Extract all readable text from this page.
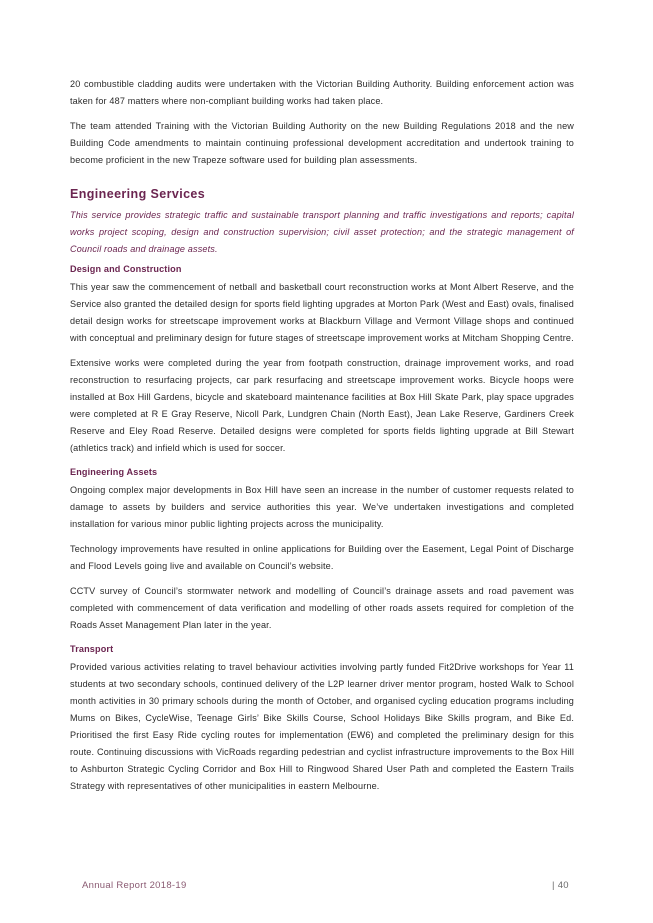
20 combustible cladding audits were undertaken with the Victorian Building Authority. Building enforcement action was taken for 487 matters where non-compliant building works had taken place.

The team attended Training with the Victorian Building Authority on the new Building Regulations 2018 and the new Building Code amendments to maintain continuing professional development accreditation and undertook training to become proficient in the new Trapeze software used for building plan assessments.

Engineering Services

This service provides strategic traffic and sustainable transport planning and traffic investigations and reports; capital works project scoping, design and construction supervision; civil asset protection; and the strategic management of Council roads and drainage assets.

Design and Construction

This year saw the commencement of netball and basketball court reconstruction works at Mont Albert Reserve, and the Service also granted the detailed design for sports field lighting upgrades at Morton Park (West and East) ovals, finalised detail design works for streetscape improvement works at Blackburn Village and Vermont Village shops and continued with conceptual and preliminary design for future stages of streetscape improvement works at Mitcham Shopping Centre.

Extensive works were completed during the year from footpath construction, drainage improvement works, and road reconstruction to resurfacing projects, car park resurfacing and streetscape improvement works. Bicycle hoops were installed at Box Hill Gardens, bicycle and skateboard maintenance facilities at Box Hill Skate Park, play space upgrades were completed at R E Gray Reserve, Nicoll Park, Lundgren Chain (North East), Jean Lake Reserve, Gardiners Creek Reserve and Eley Road Reserve. Detailed designs were completed for sports fields lighting upgrade at Bill Stewart (athletics track) and infield which is used for soccer.

Engineering Assets

Ongoing complex major developments in Box Hill have seen an increase in the number of customer requests related to damage to assets by builders and service authorities this year. We’ve undertaken investigations and completed installation for various minor public lighting projects across the municipality.

Technology improvements have resulted in online applications for Building over the Easement, Legal Point of Discharge and Flood Levels going live and available on Council’s website.

CCTV survey of Council’s stormwater network and modelling of Council’s drainage assets and road pavement was completed with commencement of data verification and modelling of other roads assets required for completion of the Roads Asset Management Plan later in the year.

Transport

Provided various activities relating to travel behaviour activities involving partly funded Fit2Drive workshops for Year 11 students at two secondary schools, continued delivery of the L2P learner driver mentor program, hosted Walk to School month activities in 30 primary schools during the month of October, and organised cycling education programs including Mums on Bikes, CycleWise, Teenage Girls’ Bike Skills Course, School Holidays Bike Skills program, and Bike Ed. Prioritised the first Easy Ride cycling routes for implementation (EW6) and completed the preliminary design for this route. Continuing discussions with VicRoads regarding pedestrian and cyclist infrastructure improvements to the Box Hill to Ashburton Strategic Cycling Corridor and Box Hill to Ringwood Shared User Path and completed the Eastern Trails Strategy with representatives of other municipalities in eastern Melbourne.

Annual Report 2018-19	| 40
